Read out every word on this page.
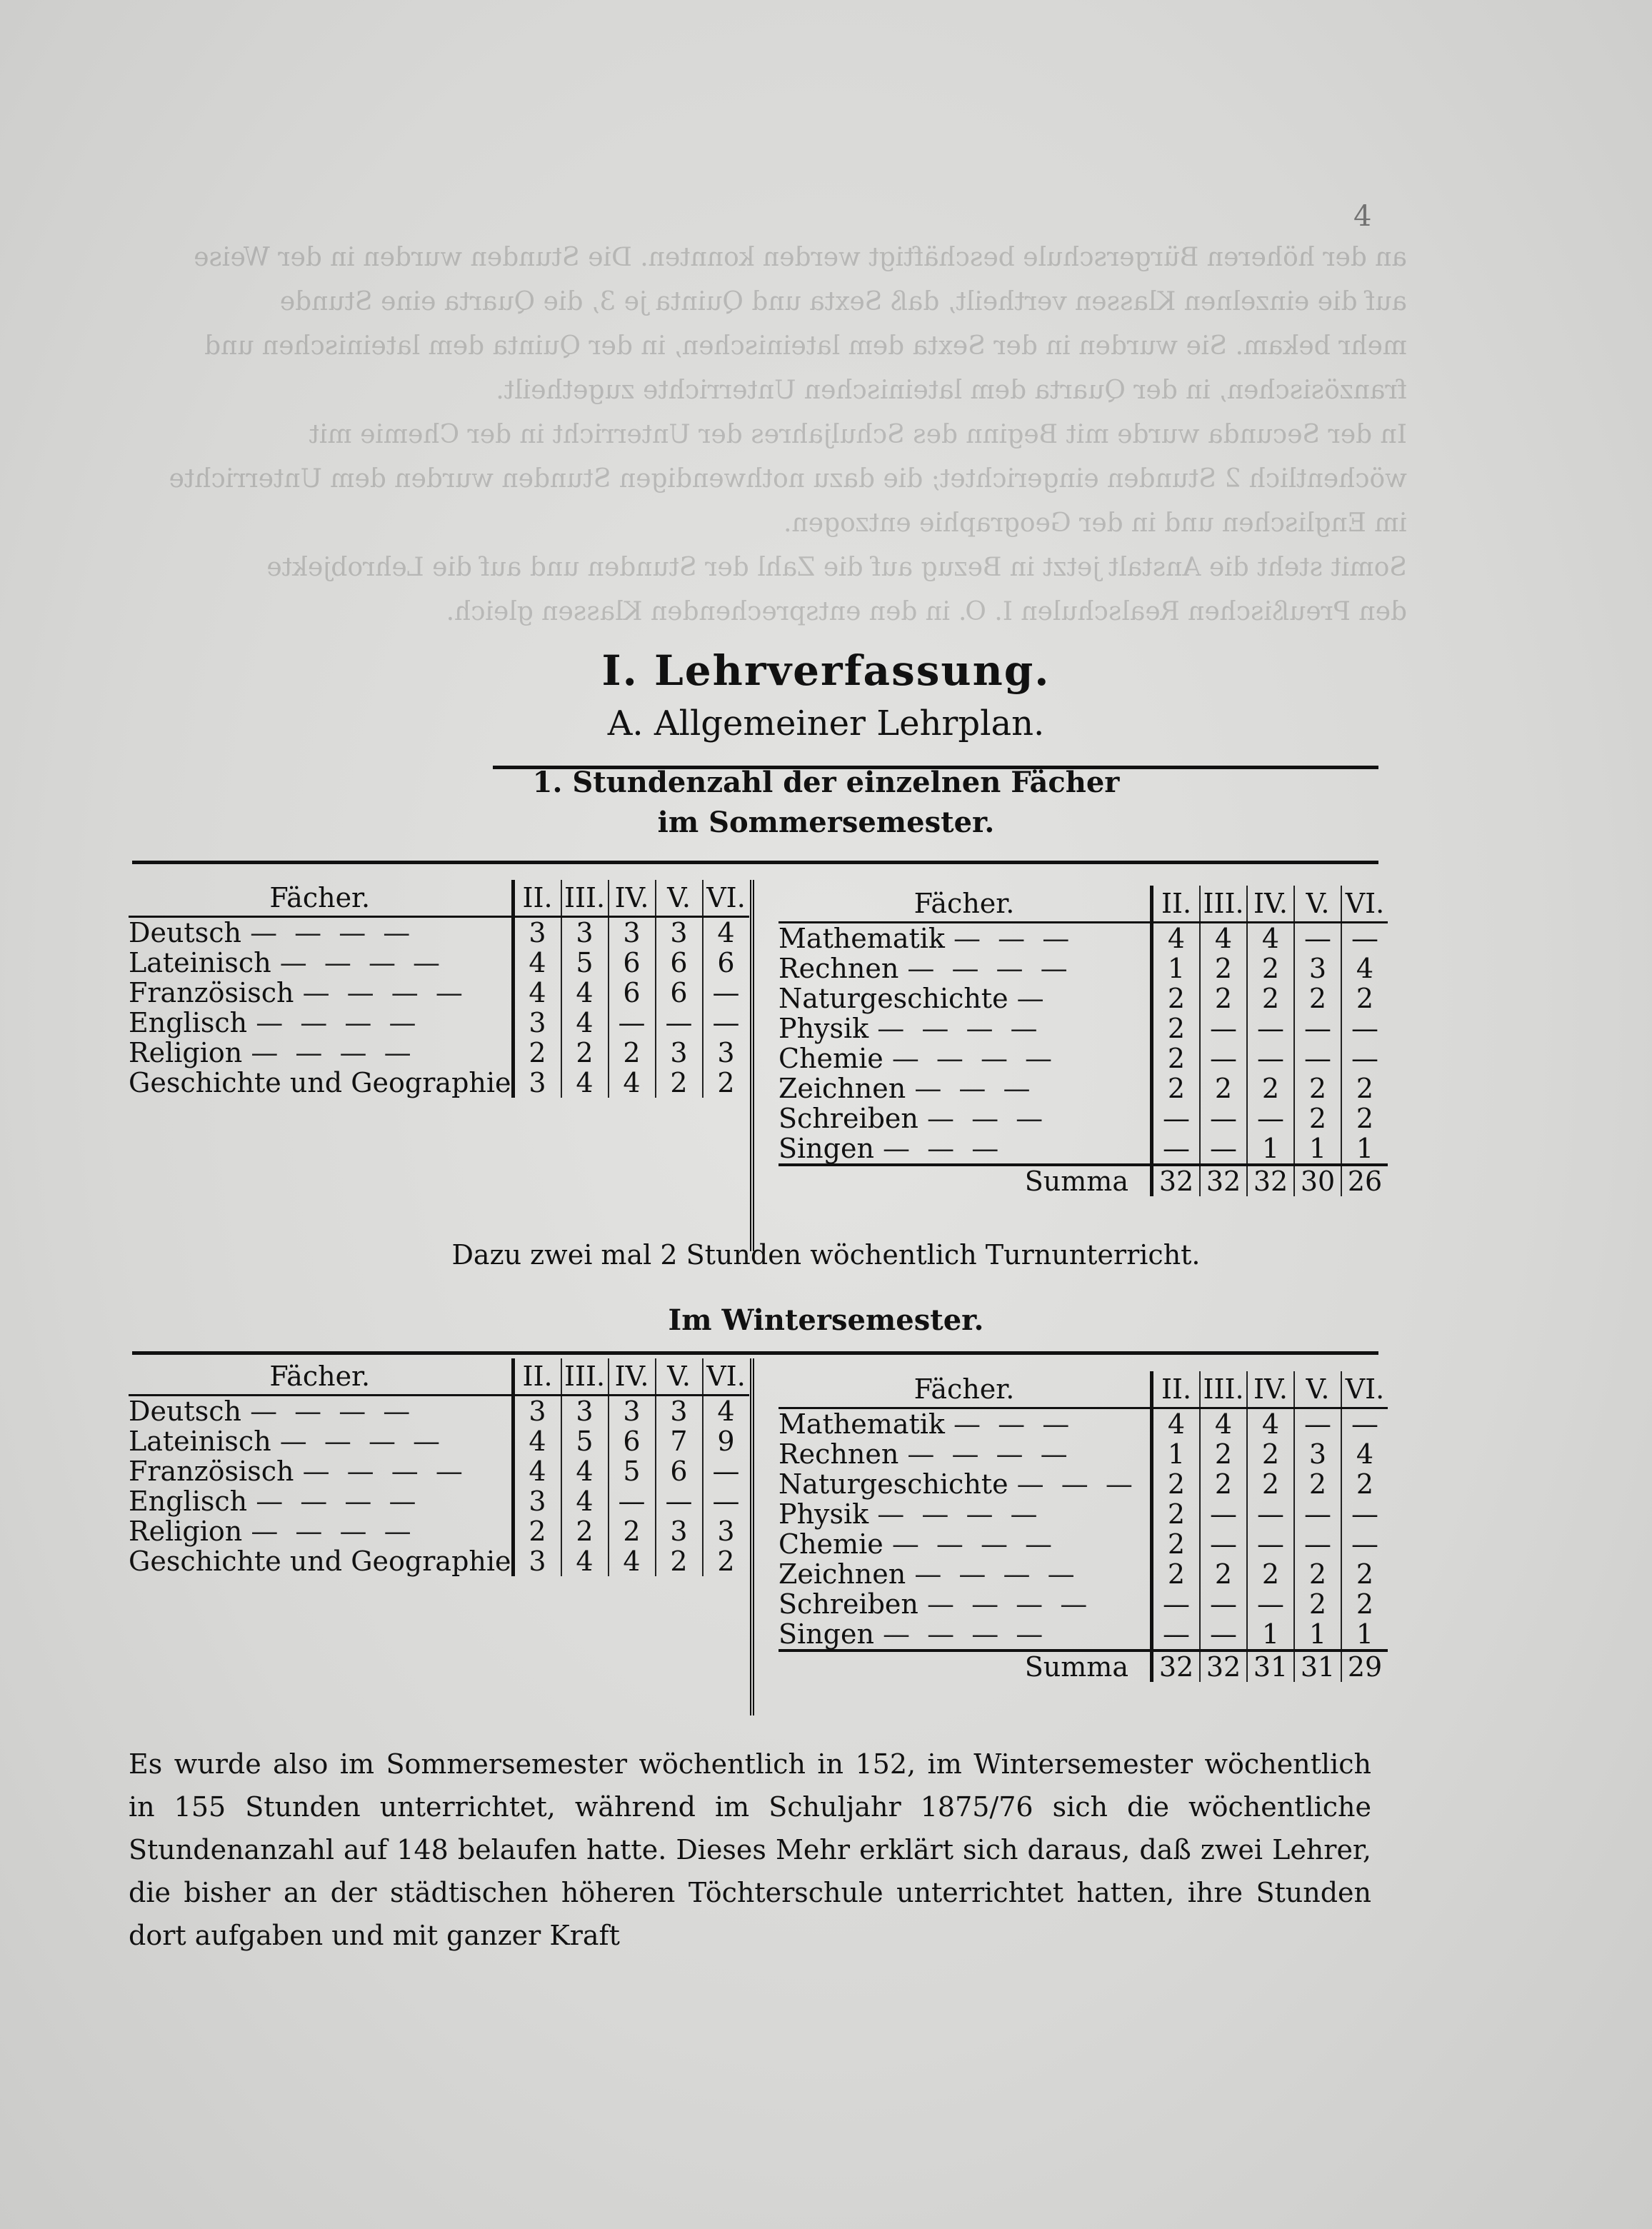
an der höheren Bürgerschule beschäftigt werden konnten. Die Stunden wurden in der Weise
auf die einzelnen Klassen vertheilt, daß Sexta und Quinta je 3, die Quarta eine Stunde
mehr bekam. Sie wurden in der Sexta dem lateinischen, in der Quinta dem lateinischen und
französischen, in der Quarta dem lateinischen Unterrichte zugetheilt.
In der Secunda wurde mit Beginn des Schuljahres der Unterricht in der Chemie mit
wöchentlich 2 Stunden eingerichtet; die dazu nothwendigen Stunden wurden dem Unterrichte
im Englischen und in der Geographie entzogen.
Somit steht die Anstalt jetzt in Bezug auf die Zahl der Stunden und auf die Lehrobjekte
den Preußischen Realschulen I. O. in den entsprechenden Klassen gleich.
4
I. Lehrverfassung.
A. Allgemeiner Lehrplan.
1. Stundenzahl der einzelnen Fächer
im Sommersemester.
Fächer.	II.	III.	IV.	V.	VI.
Deutsch — — — —	3	3	3	3	4
Lateinisch — — — —	4	5	6	6	6
Französisch — — — —	4	4	6	6	—
Englisch — — — —	3	4	—	—	—
Religion — — — —	2	2	2	3	3
Geschichte und Geographie	3	4	4	2	2
Fächer.	II.	III.	IV.	V.	VI.
Mathematik — — —	4	4	4	—	—
Rechnen — — — —	1	2	2	3	4
Naturgeschichte —	2	2	2	2	2
Physik — — — —	2	—	—	—	—
Chemie — — — —	2	—	—	—	—
Zeichnen — — —	2	2	2	2	2
Schreiben — — —	—	—	—	2	2
Singen — — —	—	—	1	1	1
Summa	32	32	32	30	26
Dazu zwei mal 2 Stunden wöchentlich Turnunterricht.
Im Wintersemester.
Fächer.	II.	III.	IV.	V.	VI.
Deutsch — — — —	3	3	3	3	4
Lateinisch — — — —	4	5	6	7	9
Französisch — — — —	4	4	5	6	—
Englisch — — — —	3	4	—	—	—
Religion — — — —	2	2	2	3	3
Geschichte und Geographie	3	4	4	2	2
Fächer.	II.	III.	IV.	V.	VI.
Mathematik — — —	4	4	4	—	—
Rechnen — — — —	1	2	2	3	4
Naturgeschichte — — —	2	2	2	2	2
Physik — — — —	2	—	—	—	—
Chemie — — — —	2	—	—	—	—
Zeichnen — — — —	2	2	2	2	2
Schreiben — — — —	—	—	—	2	2
Singen — — — —	—	—	1	1	1
Summa	32	32	31	31	29
Es wurde also im Sommersemester wöchentlich in 152, im Wintersemester wöchentlich in 155 Stunden unterrichtet, während im Schuljahr 1875/76 sich die wöchentliche Stundenanzahl auf 148 belaufen hatte. Dieses Mehr erklärt sich daraus, daß zwei Lehrer, die bisher an der städtischen höheren Töchterschule unterrichtet hatten, ihre Stunden dort aufgaben und mit ganzer Kraft
